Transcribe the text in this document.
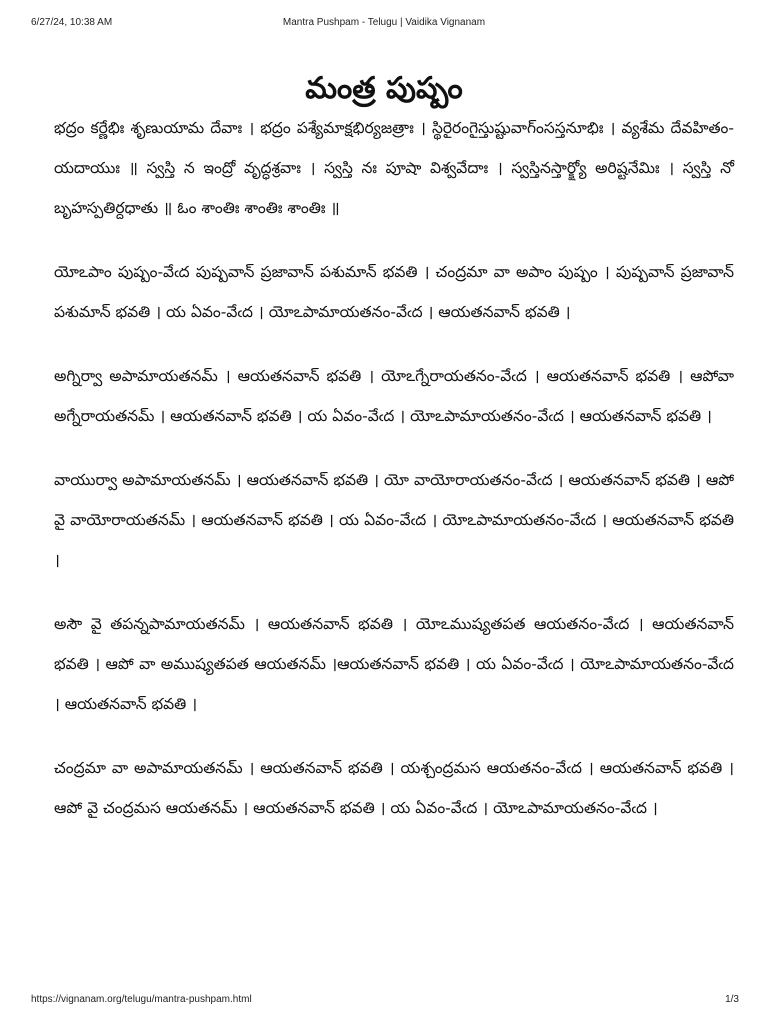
6/27/24, 10:38 AM	Mantra Pushpam - Telugu | Vaidika Vignanam
మంత్ర పుష్పం

భద్రం కర్ణేభిః శృణుయామ దేవాః । భద్రం పశ్యేమాక్షభిర్యజత్రాః । స్థిరైరంగైస్తుష్టువాగ్ంసస్తనూభిః । వ్యశేమ దేవహితం-యదాయుః ॥ స్వస్తి న ఇంద్రో వృద్ధశ్రవాః । స్వస్తి నః పూషా విశ్వవేదాః । స్వస్తినస్తార్క్ష్యో అరిష్టనేమిః । స్వస్తి నో బృహస్పతిర్దధాతు ॥ ఓం శాంతిః శాంతిః శాంతిః ॥

యోఽపాం పుష్పం-వేఁద పుష్పవాన్ ప్రజావాన్ పశుమాన్ భవతి । చంద్రమా వా అపాం పుష్పం । పుష్పవాన్ ప్రజావాన్ పశుమాన్ భవతి । య ఏవం-వేఁద । యోఽపామాయతనం-వేఁద । ఆయతనవాన్ భవతి ।

అగ్నిర్వా అపామాయతనమ్ । ఆయతనవాన్ భవతి । యోఽగ్నేరాయతనం-వేఁద । ఆయతనవాన్ భవతి । ఆపోవా అగ్నేరాయతనమ్ । ఆయతనవాన్ భవతి । య ఏవం-వేఁద । యోఽపామాయతనం-వేఁద । ఆయతనవాన్ భవతి ।

వాయుర్వా అపామాయతనమ్ । ఆయతనవాన్ భవతి । యో వాయోరాయతనం-వేఁద । ఆయతనవాన్ భవతి । ఆపో వై వాయోరాయతనమ్ । ఆయతనవాన్ భవతి । య ఏవం-వేఁద । యోఽపామాయతనం-వేఁద । ఆయతనవాన్ భవతి ।

అసౌ వై తపన్నపామాయతనమ్ । ఆయతనవాన్ భవతి । యోఽముష్యతపత ఆయతనం-వేఁద । ఆయతనవాన్ భవతి । ఆపో వా అముష్యతపత ఆయతనమ్ ।ఆయతనవాన్ భవతి । య ఏవం-వేఁద । యోఽపామాయతనం-వేఁద । ఆయతనవాన్ భవతి ।

చంద్రమా వా అపామాయతనమ్ । ఆయతనవాన్ భవతి । యశ్చంద్రమస ఆయతనం-వేఁద । ఆయతనవాన్ భవతి । ఆపో వై చంద్రమస ఆయతనమ్ । ఆయతనవాన్ భవతి । య ఏవం-వేఁద । యోఽపామాయతనం-వేఁద ।

https://vignanam.org/telugu/mantra-pushpam.html	1/3
